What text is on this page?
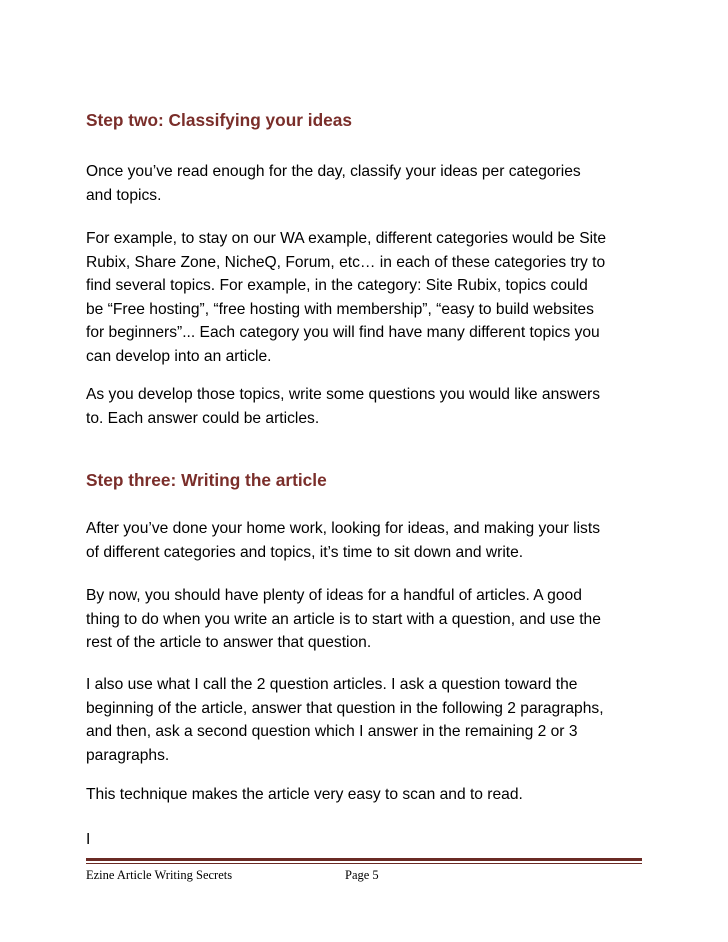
Step two: Classifying your ideas

Once you’ve read enough for the day, classify your ideas per categories
and topics.

For example, to stay on our WA example, different categories would be Site
Rubix, Share Zone, NicheQ, Forum, etc… in each of these categories try to
find several topics. For example, in the category: Site Rubix, topics could
be “Free hosting”, “free hosting with membership”, “easy to build websites
for beginners”... Each category you will find have many different topics you
can develop into an article.

As you develop those topics, write some questions you would like answers
to. Each answer could be articles.

Step three: Writing the article

After you’ve done your home work, looking for ideas, and making your lists
of different categories and topics, it’s time to sit down and write.

By now, you should have plenty of ideas for a handful of articles. A good
thing to do when you write an article is to start with a question, and use the
rest of the article to answer that question.

I also use what I call the 2 question articles. I ask a question toward the
beginning of the article, answer that question in the following 2 paragraphs,
and then, ask a second question which I answer in the remaining 2 or 3
paragraphs.

This technique makes the article very easy to scan and to read.

I

Ezine Article Writing Secrets	Page 5
